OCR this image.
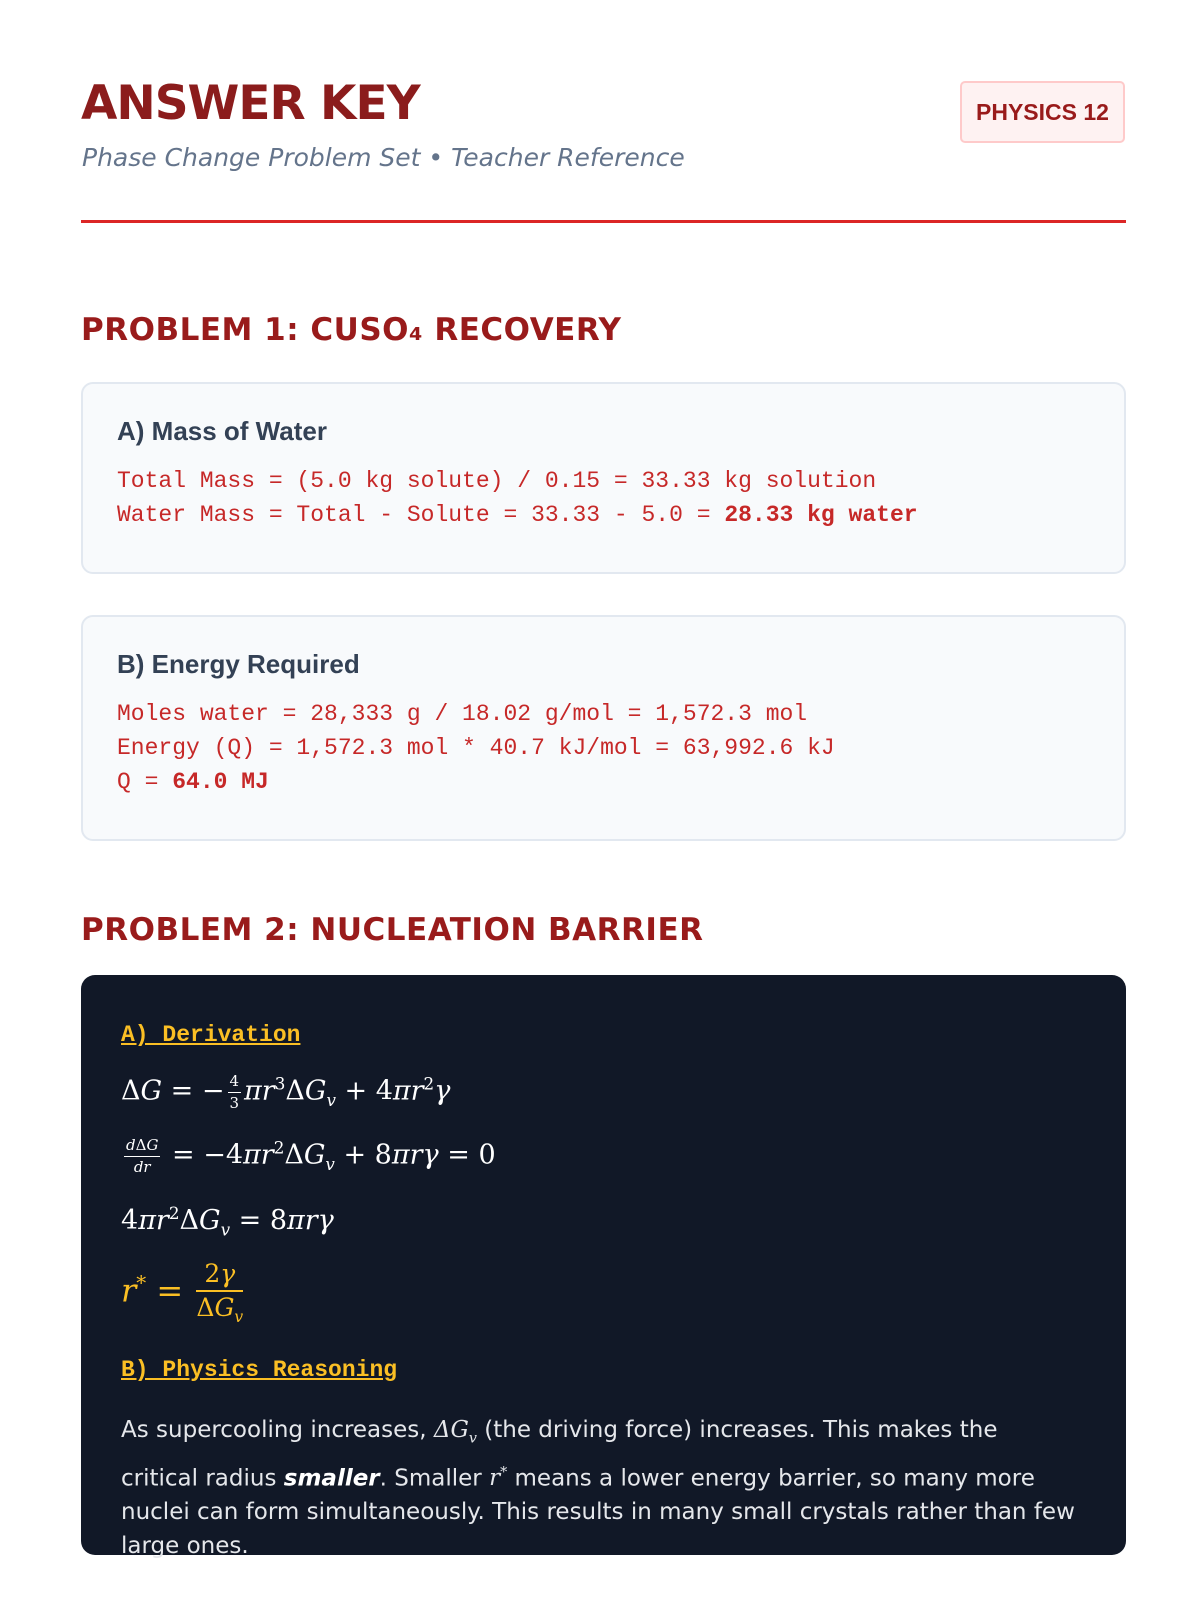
ANSWER KEY
Phase Change Problem Set • Teacher Reference
PHYSICS 12
PROBLEM 1: CUSO₄ RECOVERY
A) Mass of Water
Total Mass = (5.0 kg solute) / 0.15 = 33.33 kg solution
Water Mass = Total - Solute = 33.33 - 5.0 = 28.33 kg water
B) Energy Required
Moles water = 28,333 g / 18.02 g/mol = 1,572.3 mol
Energy (Q) = 1,572.3 mol * 40.7 kJ/mol = 63,992.6 kJ
Q = 64.0 MJ
PROBLEM 2: NUCLEATION BARRIER
A) Derivation
ΔG = − $\frac{4}{3} \pi r^3\Delta G_v + 4\pi r^2\gamma$
$\frac{\text{dΔG}}{dr} = -4\pi r^2\Delta G_v + 8\pi r\gamma = 0$
$4\pi r^2\Delta G_v = 8\pi r\gamma$
$r^* = \frac{2\gamma}{\Delta G_v}$
B) Physics Reasoning

As supercooling increases, $\Delta G_v$ (the driving force) increases. This makes the critical radius smaller. Smaller r* means a lower energy barrier, so many more nuclei can form simultaneously. This results in many small crystals rather than few large ones.
